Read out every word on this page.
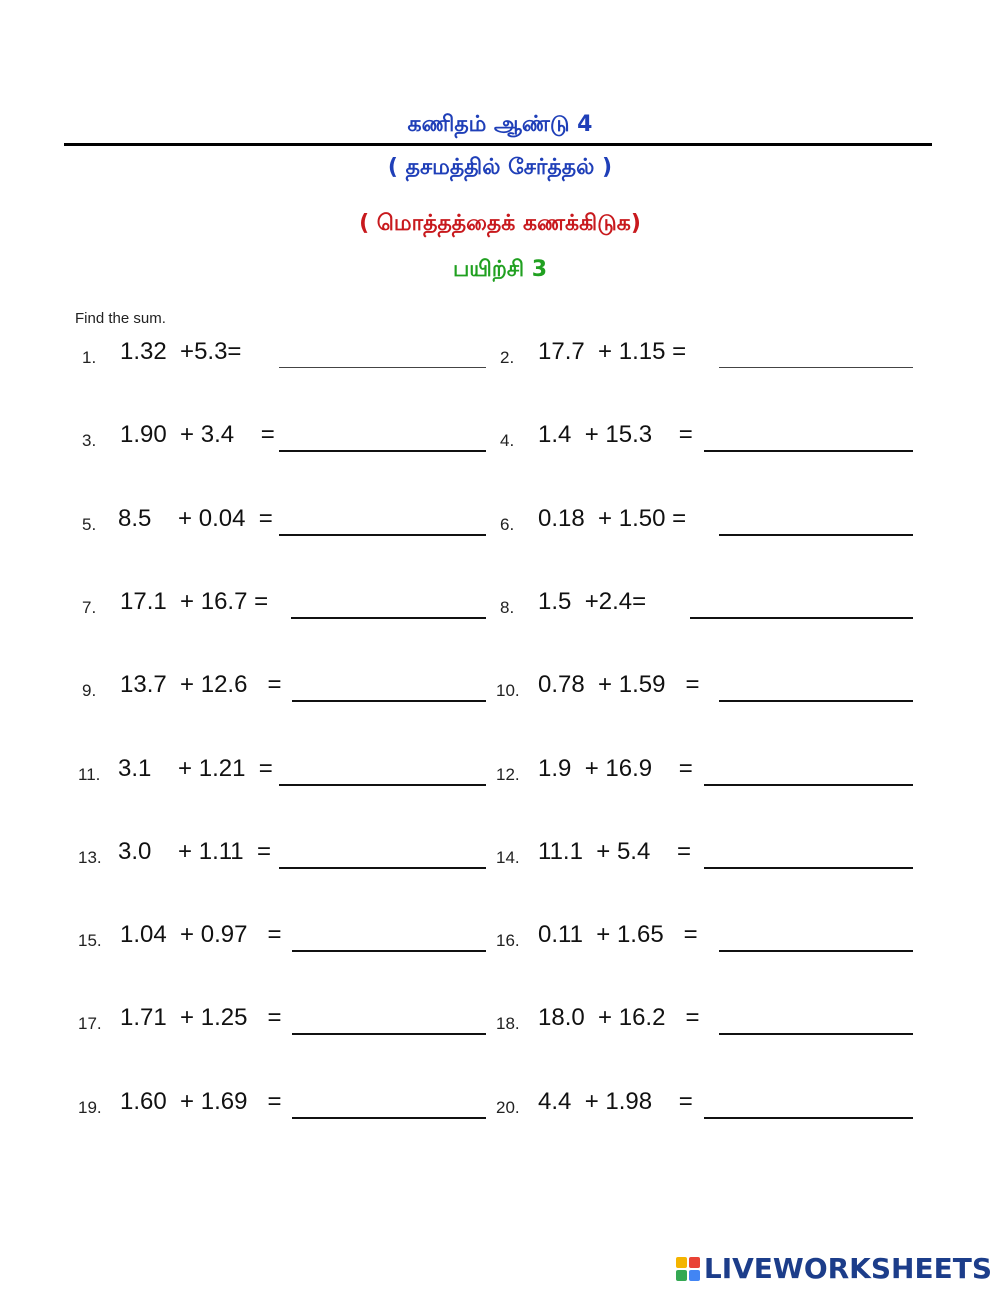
கணிதம் ஆண்டு 4
( தசமத்தில் சேர்த்தல் )
( மொத்தத்தைக் கணக்கிடுக)
பயிற்சி 3
Find the sum.
1. 1.32  +5.3=	2. 17.7  + 1.15 =
3. 1.90  + 3.4    =	4. 1.4  + 15.3    =
5. 8.5    + 0.04  =	6. 0.18  + 1.50 =
7. 17.1  + 16.7 =	8. 1.5  +2.4=
9. 13.7  + 12.6   =	10. 0.78  + 1.59   =
11. 3.1    + 1.21  =	12. 1.9  + 16.9    =
13. 3.0    + 1.11  =	14. 11.1  + 5.4    =
15. 1.04  + 0.97   =	16. 0.11  + 1.65   =
17. 1.71  + 1.25   =	18. 18.0  + 16.2   =
19. 1.60  + 1.69   =	20. 4.4  + 1.98    =
LIVEWORKSHEETS
